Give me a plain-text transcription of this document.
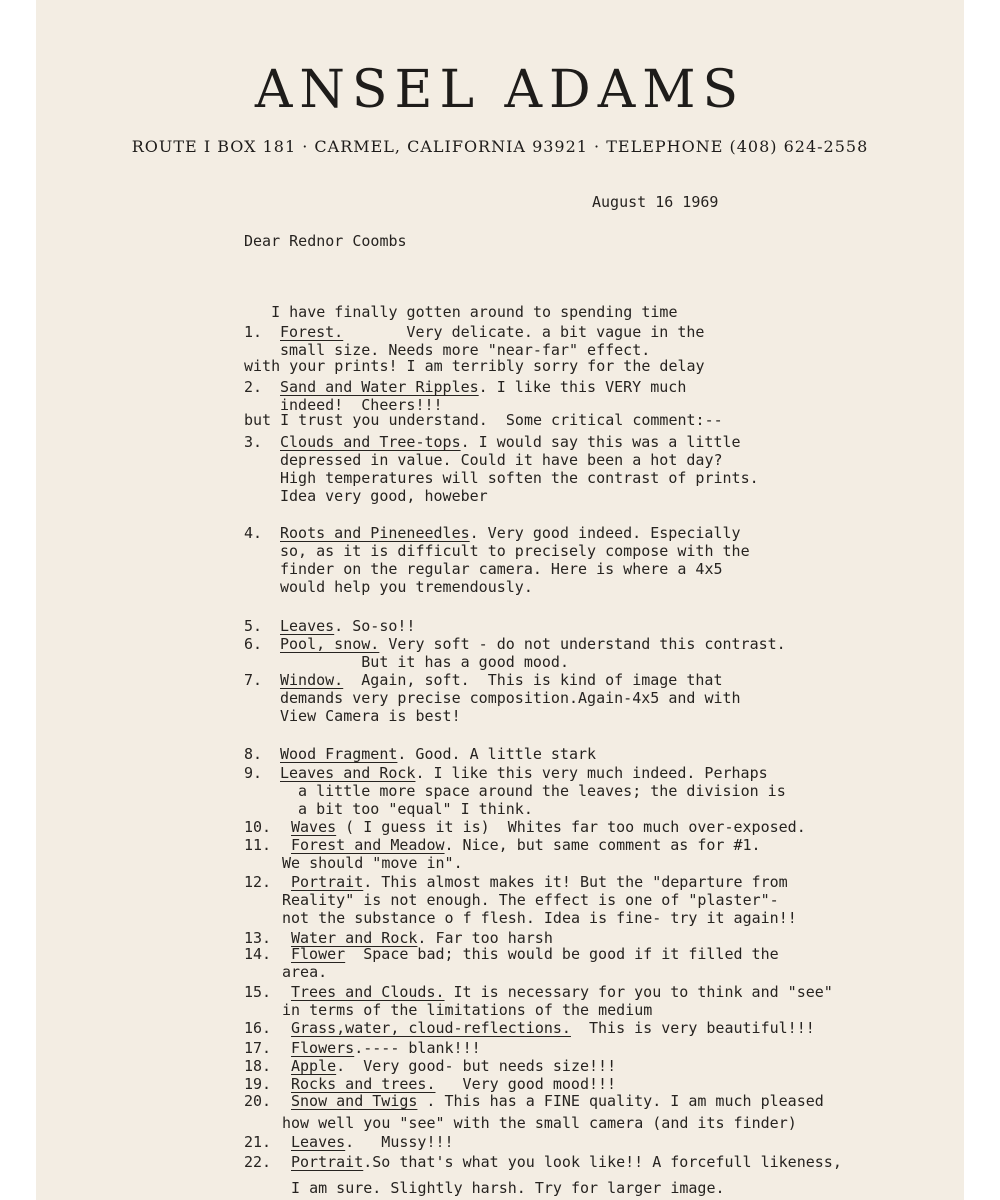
ANSEL ADAMS
ROUTE I BOX 181 · CARMEL, CALIFORNIA 93921 · TELEPHONE (408) 624-2558
August 16 1969
Dear Rednor Coombs

I have finally gotten around to spending time

with your prints! I am terribly sorry for the delay

but I trust you understand.  Some critical comment:--

1. Forest. Very delicate. a bit vague in the
small size. Needs more "near-far" effect.
2. Sand and Water Ripples . I like this VERY much
indeed!  Cheers!!!
3. Clouds and Tree-tops . I would say this was a little
depressed in value. Could it have been a hot day?
High temperatures will soften the contrast of prints.
Idea very good, howeber
4. Roots and Pineneedles . Very good indeed. Especially
so, as it is difficult to precisely compose with the
finder on the regular camera. Here is where a 4x5
would help you tremendously.
5. Leaves . So-so!!
6. Pool, snow. Very soft - do not understand this contrast.
But it has a good mood.
7. Window. Again, soft.  This is kind of image that
demands very precise composition.Again-4x5 and with
View Camera is best!
8. Wood Fragment . Good. A little stark
9. Leaves and Rock . I like this very much indeed. Perhaps
a little more space around the leaves; the division is
a bit too "equal" I think.
10. Waves ( I guess it is)  Whites far too much over-exposed.
11. Forest and Meadow . Nice, but same comment as for #1.
We should "move in".
12. Portrait . This almost makes it! But the "departure from
Reality" is not enough. The effect is one of "plaster"-
not the substance o f flesh. Idea is fine- try it again!!
13. Water and Rock . Far too harsh
14. Flower Space bad; this would be good if it filled the
area.
15. Trees and Clouds. It is necessary for you to think and "see"
in terms of the limitations of the medium
16. Grass,water, cloud-reflections. This is very beautiful!!!
17. Flowers .---- blank!!!
18. Apple .  Very good- but needs size!!!
19. Rocks and trees. Very good mood!!!
20. Snow and Twigs . This has a FINE quality. I am much pleased
how well you "see" with the small camera (and its finder)
21. Leaves .   Mussy!!!
22. Portrait .So that's what you look like!! A forcefull likeness,
I am sure. Slightly harsh. Try for larger image.
